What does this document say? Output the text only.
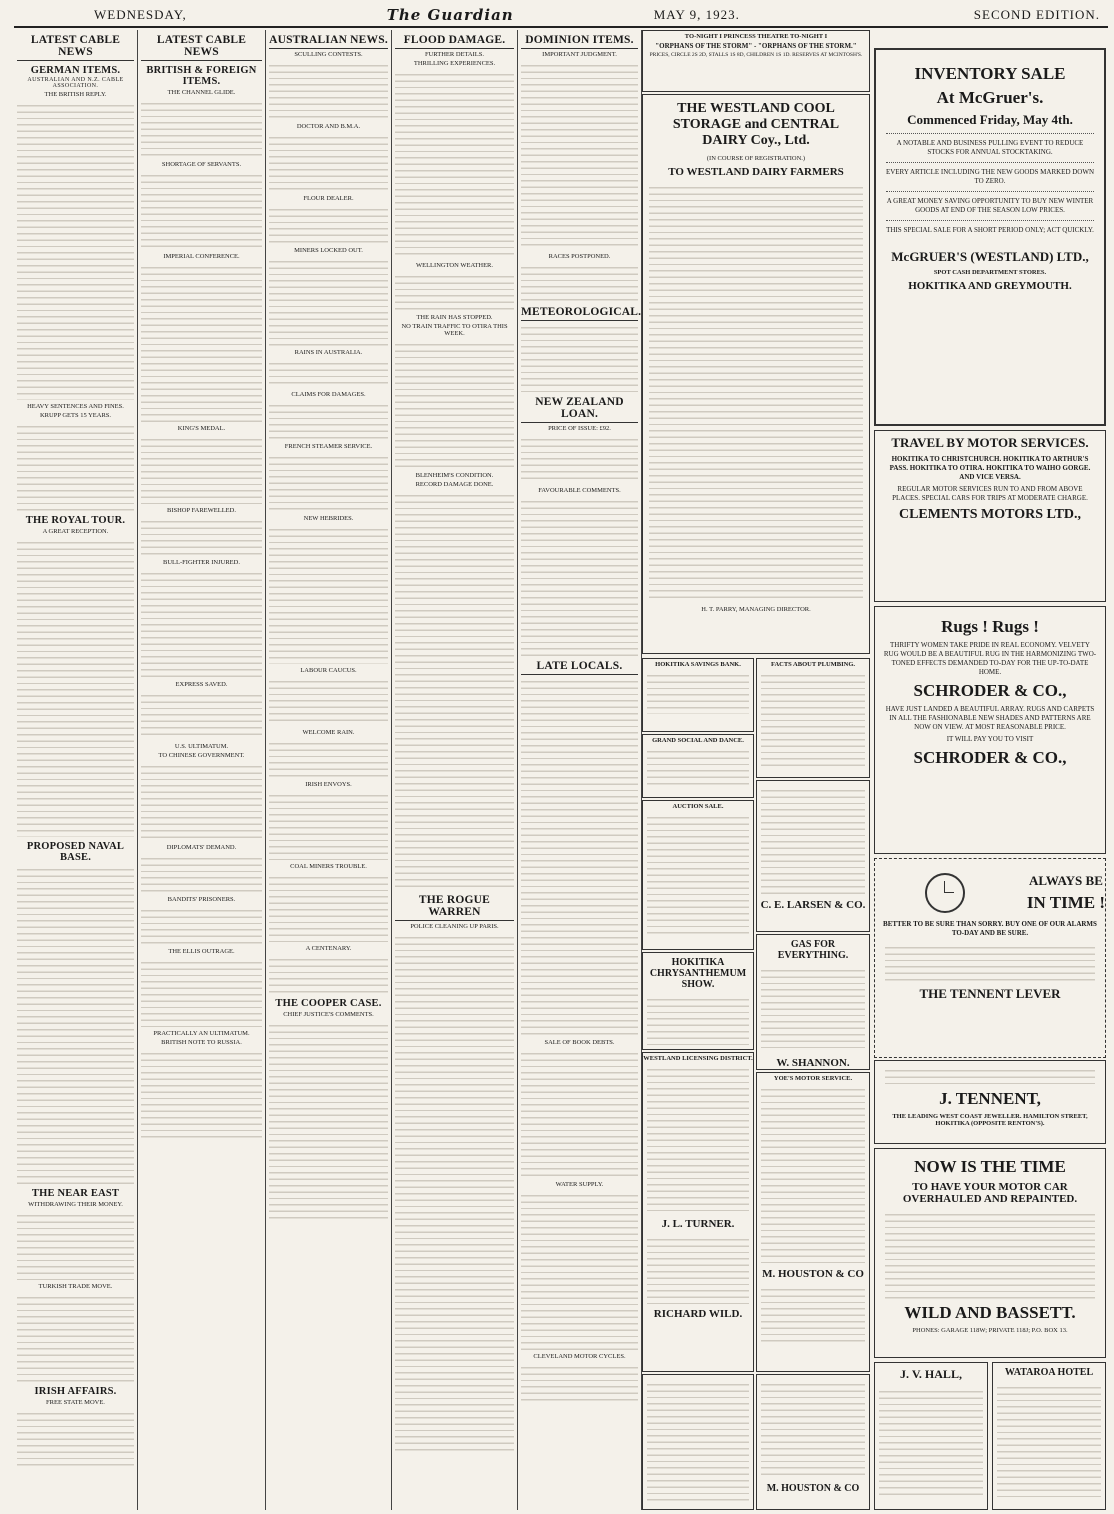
WEDNESDAY,	The Guardian	MAY 9, 1923.	SECOND EDITION.
LATEST CABLE NEWS
GERMAN ITEMS.
AUSTRALIAN AND N.Z. CABLE ASSOCIATION.
THE BRITISH REPLY.
HEAVY SENTENCES AND FINES.
KRUPP GETS 15 YEARS.
THE ROYAL TOUR.
A GREAT RECEPTION.
PROPOSED NAVAL BASE.
THE NEAR EAST
WITHDRAWING THEIR MONEY.
TURKISH TRADE MOVE.
IRISH AFFAIRS.
FREE STATE MOVE.
LATEST CABLE NEWS
BRITISH & FOREIGN ITEMS.
THE CHANNEL GLIDE.
SHORTAGE OF SERVANTS.
IMPERIAL CONFERENCE.
KING'S MEDAL.
BISHOP FAREWELLED.
BULL-FIGHTER INJURED.
EXPRESS SAVED.
U.S. ULTIMATUM.
TO CHINESE GOVERNMENT.
DIPLOMATS' DEMAND.
BANDITS' PRISONERS.
THE ELLIS OUTRAGE.
PRACTICALLY AN ULTIMATUM.
BRITISH NOTE TO RUSSIA.
AUSTRALIAN NEWS.
SCULLING CONTESTS.
DOCTOR AND B.M.A.
FLOUR DEALER.
MINERS LOCKED OUT.
RAINS IN AUSTRALIA.
CLAIMS FOR DAMAGES.
FRENCH STEAMER SERVICE.
NEW HEBRIDES.
LABOUR CAUCUS.
WELCOME RAIN.
IRISH ENVOYS.
COAL MINERS TROUBLE.
A CENTENARY.
THE COOPER CASE.
CHIEF JUSTICE'S COMMENTS.
FLOOD DAMAGE.
FURTHER DETAILS.
THRILLING EXPERIENCES.
WELLINGTON WEATHER.
THE RAIN HAS STOPPED.
NO TRAIN TRAFFIC TO OTIRA THIS WEEK.
BLENHEIM'S CONDITION.
RECORD DAMAGE DONE.
THE ROGUE WARREN
POLICE CLEANING UP PARIS.
DOMINION ITEMS.
IMPORTANT JUDGMENT.
RACES POSTPONED.
METEOROLOGICAL.
NEW ZEALAND LOAN.
PRICE OF ISSUE: £92.
FAVOURABLE COMMENTS.
LATE LOCALS.
SALE OF BOOK DEBTS.
WATER SUPPLY.
CLEVELAND MOTOR CYCLES.
TO-NIGHT I PRINCESS THEATRE TO-NIGHT I
"ORPHANS OF THE STORM" - "ORPHANS OF THE STORM."
PRICES, CIRCLE 2S 2D, STALLS 1S 8D, CHILDREN 1S 1D. RESERVES AT MCINTOSH'S.
THE WESTLAND COOL STORAGE and CENTRAL DAIRY Coy., Ltd.
(IN COURSE OF REGISTRATION.)
TO WESTLAND DAIRY FARMERS
H. T. PARRY, MANAGING DIRECTOR.
INVENTORY SALE
At McGruer's.
Commenced Friday, May 4th.
A NOTABLE AND BUSINESS PULLING EVENT TO REDUCE STOCKS FOR ANNUAL STOCKTAKING.
EVERY ARTICLE INCLUDING THE NEW GOODS MARKED DOWN TO ZERO.
A GREAT MONEY SAVING OPPORTUNITY TO BUY NEW WINTER GOODS AT END OF THE SEASON LOW PRICES.
THIS SPECIAL SALE FOR A SHORT PERIOD ONLY; ACT QUICKLY.
McGRUER'S (WESTLAND) LTD.,
SPOT CASH DEPARTMENT STORES.
HOKITIKA AND GREYMOUTH.
TRAVEL BY MOTOR SERVICES.
HOKITIKA TO CHRISTCHURCH. HOKITIKA TO ARTHUR'S PASS. HOKITIKA TO OTIRA. HOKITIKA TO WAIHO GORGE. AND VICE VERSA.
REGULAR MOTOR SERVICES RUN TO AND FROM ABOVE PLACES. SPECIAL CARS FOR TRIPS AT MODERATE CHARGE.
CLEMENTS MOTORS LTD.,
Rugs ! Rugs !
THRIFTY WOMEN TAKE PRIDE IN REAL ECONOMY. VELVETY RUG WOULD BE A BEAUTIFUL RUG IN THE HARMONIZING TWO-TONED EFFECTS DEMANDED TO-DAY FOR THE UP-TO-DATE HOME.
SCHRODER & CO.,
HAVE JUST LANDED A BEAUTIFUL ARRAY. RUGS AND CARPETS IN ALL THE FASHIONABLE NEW SHADES AND PATTERNS ARE NOW ON VIEW. AT MOST REASONABLE PRICE.
IT WILL PAY YOU TO VISIT
SCHRODER & CO.,
HOKITIKA SAVINGS BANK.
GRAND SOCIAL AND DANCE.
AUCTION SALE.
HOKITIKA CHRYSANTHEMUM SHOW.
WESTLAND LICENSING DISTRICT.
J. L. TURNER.
RICHARD WILD.
FACTS ABOUT PLUMBING.
C. E. LARSEN & CO.
GAS FOR EVERYTHING.
W. SHANNON.
YOE'S MOTOR SERVICE.
M. HOUSTON & CO
M. HOUSTON & CO
ALWAYS BE
IN TIME !
BETTER TO BE SURE THAN SORRY. BUY ONE OF OUR ALARMS TO-DAY AND BE SURE.
THE TENNENT LEVER
J. TENNENT,
THE LEADING WEST COAST JEWELLER. HAMILTON STREET, HOKITIKA (OPPOSITE RENTON'S).
NOW IS THE TIME
TO HAVE YOUR MOTOR CAR OVERHAULED AND REPAINTED.
WILD AND BASSETT.
PHONES: GARAGE 118W; PRIVATE 118J; P.O. BOX 13.
J. V. HALL,	WATAROA HOTEL
